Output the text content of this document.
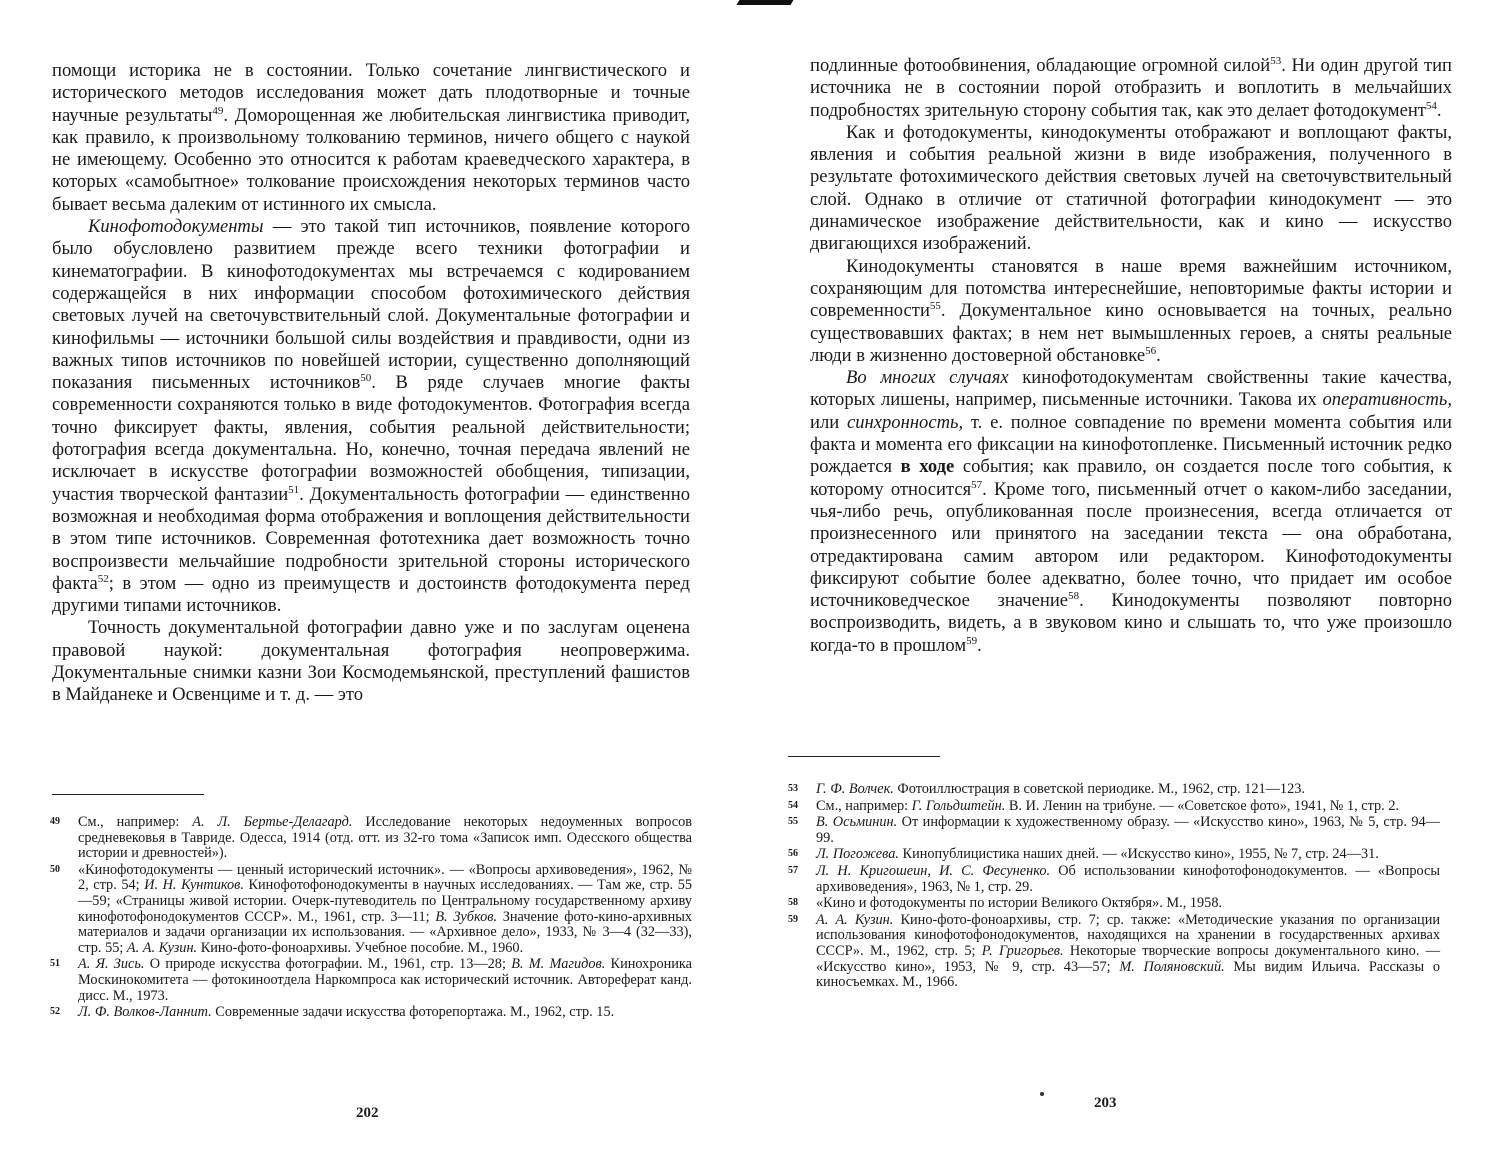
помощи историка не в состоянии. Только сочетание лингвистического и исторического методов исследования может дать плодотворные и точные научные результаты$^{49}$. Доморощенная же любительская лингвистика приводит, как правило, к произвольному толкованию терминов, ничего общего с наукой не имеющему. Особенно это относится к работам краеведческого характера, в которых «самобытное» толкование происхождения некоторых терминов часто бывает весьма далеким от истинного их смысла.

Кинофотодокументы — это такой тип источников, появление которого было обусловлено развитием прежде всего техники фотографии и кинематографии. В кинофотодокументах мы встречаемся с кодированием содержащейся в них информации способом фотохимического действия световых лучей на светочувствительный слой. Документальные фотографии и кинофильмы — источники большой силы воздействия и правдивости, одни из важных типов источников по новейшей истории, существенно дополняющий показания письменных источников$^{50}$. В ряде случаев многие факты современности сохраняются только в виде фотодокументов. Фотография всегда точно фиксирует факты, явления, события реальной действительности; фотография всегда документальна. Но, конечно, точная передача явлений не исключает в искусстве фотографии возможностей обобщения, типизации, участия творческой фантазии$^{51}$. Документальность фотографии — единственно возможная и необходимая форма отображения и воплощения действительности в этом типе источников. Современная фототехника дает возможность точно воспроизвести мельчайшие подробности зрительной стороны исторического факта$^{52}$; в этом — одно из преимуществ и достоинств фотодокумента перед другими типами источников.

Точность документальной фотографии давно уже и по заслугам оценена правовой наукой: документальная фотография неопровержима. Документальные снимки казни Зои Космодемьянской, преступлений фашистов в Майданеке и Освенциме и т. д. — это

49 См., например: А. Л. Бертье-Делагард. Исследование некоторых недоуменных вопросов средневековья в Тавриде. Одесса, 1914 (отд. отт. из 32-го тома «Записок имп. Одесского общества истории и древностей»).
50 «Кинофотодокументы — ценный исторический источник». — «Вопросы архивоведения», 1962, № 2, стр. 54; И. Н. Кунтиков. Кинофотофонодокументы в научных исследованиях. — Там же, стр. 55—59; «Страницы живой истории. Очерк-путеводитель по Центральному государственному архиву кинофотофонодокументов СССР». М., 1961, стр. 3—11; В. Зубков. Значение фото-кино-архивных материалов и задачи организации их использования. — «Архивное дело», 1933, № 3—4 (32—33), стр. 55; А. А. Кузин. Кино-фото-фоноархивы. Учебное пособие. М., 1960.
51 А. Я. Зись. О природе искусства фотографии. М., 1961, стр. 13—28; В. М. Магидов. Кинохроника Москинокомитета — фотокиноотдела Наркомпроса как исторический источник. Автореферат канд. дисс. М., 1973.
52 Л. Ф. Волков-Ланнит. Современные задачи искусства фоторепортажа. М., 1962, стр. 15.
202

подлинные фотообвинения, обладающие огромной силой$^{53}$. Ни один другой тип источника не в состоянии порой отобразить и воплотить в мельчайших подробностях зрительную сторону события так, как это делает фотодокумент$^{54}$.

Как и фотодокументы, кинодокументы отображают и воплощают факты, явления и события реальной жизни в виде изображения, полученного в результате фотохимического действия световых лучей на светочувствительный слой. Однако в отличие от статичной фотографии кинодокумент — это динамическое изображение действительности, как и кино — искусство двигающихся изображений.

Кинодокументы становятся в наше время важнейшим источником, сохраняющим для потомства интереснейшие, неповторимые факты истории и современности$^{55}$. Документальное кино основывается на точных, реально существовавших фактах; в нем нет вымышленных героев, а сняты реальные люди в жизненно достоверной обстановке$^{56}$.

Во многих случаях кинофотодокументам свойственны такие качества, которых лишены, например, письменные источники. Такова их оперативность, или синхронность, т. е. полное совпадение по времени момента события или факта и момента его фиксации на кинофотопленке. Письменный источник редко рождается в ходе события; как правило, он создается после того события, к которому относится$^{57}$. Кроме того, письменный отчет о каком-либо заседании, чья-либо речь, опубликованная после произнесения, всегда отличается от произнесенного или принятого на заседании текста — она обработана, отредактирована самим автором или редактором. Кинофотодокументы фиксируют событие более адекватно, более точно, что придает им особое источниковедческое значение$^{58}$. Кинодокументы позволяют повторно воспроизводить, видеть, а в звуковом кино и слышать то, что уже произошло когда-то в прошлом$^{59}$.

53 Г. Ф. Волчек. Фотоиллюстрация в советской периодике. М., 1962, стр. 121—123.
54 См., например: Г. Гольдштейн. В. И. Ленин на трибуне. — «Советское фото», 1941, № 1, стр. 2.
55 В. Осьминин. От информации к художественному образу. — «Искусство кино», 1963, № 5, стр. 94—99.
56 Л. Погожева. Кинопублицистика наших дней. — «Искусство кино», 1955, № 7, стр. 24—31.
57 Л. Н. Кригошеин, И. С. Фесуненко. Об использовании кинофотофонодокументов. — «Вопросы архивоведения», 1963, № 1, стр. 29.
58 «Кино и фотодокументы по истории Великого Октября». М., 1958.
59 А. А. Кузин. Кино-фото-фоноархивы, стр. 7; ср. также: «Методические указания по организации использования кинофотофонодокументов, находящихся на хранении в государственных архивах СССР». М., 1962, стр. 5; Р. Григорьев. Некоторые творческие вопросы документального кино. — «Искусство кино», 1953, № 9, стр. 43—57; М. Поляновский. Мы видим Ильича. Рассказы о киносъемках. М., 1966.
203
